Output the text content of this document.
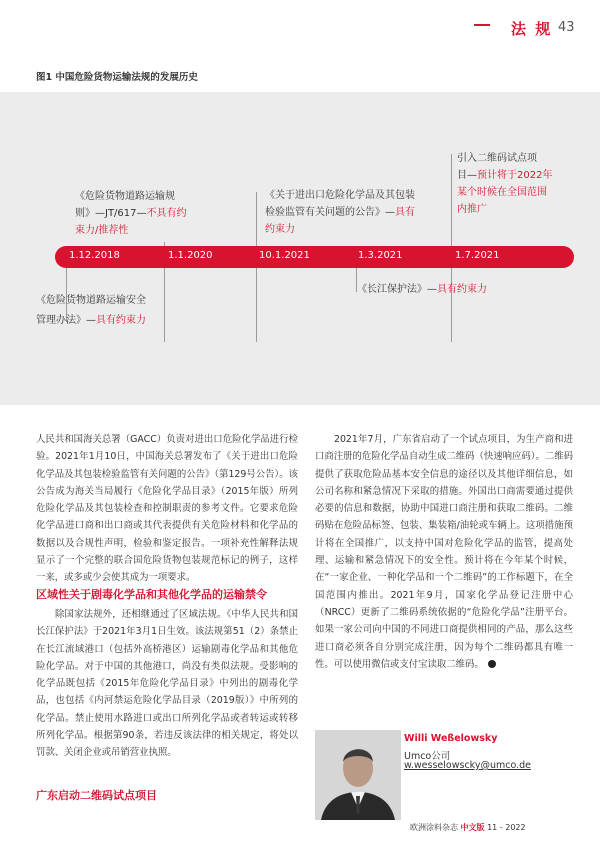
法 规 43
图1 中国危险货物运输法规的发展历史
《危险货物道路运输规
则》—JT/617—不具有约
束力/推荐性
《关于进出口危险化学品及其包装
检验监管有关问题的公告》—具有
约束力
引入二维码试点项
目—预计将于2022年
某个时候在全国范围
内推广
《危险货物道路运输安全
管理办法》—具有约束力
《长江保护法》—具有约束力
1.12.2018	1.1.2020	10.1.2021	1.3.2021	1.7.2021

人民共和国海关总署（GACC）负责对进出口危险化学品进行检验。2021年1月10日，中国海关总署发布了《关于进出口危险化学品及其包装检验监管有关问题的公告》（第129号公告）。该公告成为海关当局履行《危险化学品目录》（2015年版）所列危险化学品及其包装检查和控制职责的参考文件。它要求危险化学品进口商和出口商或其代表提供有关危险材料和化学品的数据以及合规性声明，检验和鉴定报告。一项补充性解释法规显示了一个完整的联合国危险货物包装规范标记的例子，这样一来，或多或少会使其成为一项要求。

区域性关于剧毒化学品和其他化学品的运输禁令

除国家法规外，还相继通过了区域法规。《中华人民共和国长江保护法》于2021年3月1日生效。该法规第51（2）条禁止在长江流域港口（包括外高桥港区）运输剧毒化学品和其他危险化学品。对于中国的其他港口，尚没有类似法规。受影响的化学品既包括《2015年危险化学品目录》中列出的剧毒化学品，也包括《内河禁运危险化学品目录（2019版）》中所列的化学品。禁止使用水路进口或出口所列化学品或者转运或转移所列化学品。根据第90条，若违反该法律的相关规定，将处以罚款、关闭企业或吊销营业执照。

广东启动二维码试点项目

2021年7月，广东省启动了一个试点项目，为生产商和进口商注册的危险化学品自动生成二维码（快速响应码）。二维码提供了获取危险品基本安全信息的途径以及其他详细信息，如公司名称和紧急情况下采取的措施。外国出口商需要通过提供必要的信息和数据，协助中国进口商注册和获取二维码。二维码贴在危险品标签、包装、集装箱/油轮或车辆上。这项措施预计将在全国推广，以支持中国对危险化学品的监管，提高处理、运输和紧急情况下的安全性。预计将在今年某个时候，在“一家企业、一种化学品和一个二维码”的工作标题下，在全国范围内推出。2021年9月，国家化学品登记注册中心（NRCC）更新了二维码系统依据的“危险化学品”注册平台。如果一家公司向中国的不同进口商提供相同的产品，那么这些进口商必须各自分别完成注册，因为每个二维码都具有唯一性。可以使用微信或支付宝读取二维码。	◂

Willi Weßelowsky
Umco公司
w.wesselowscky@umco.de
欧洲涂料杂志 中文版 11 - 2022
